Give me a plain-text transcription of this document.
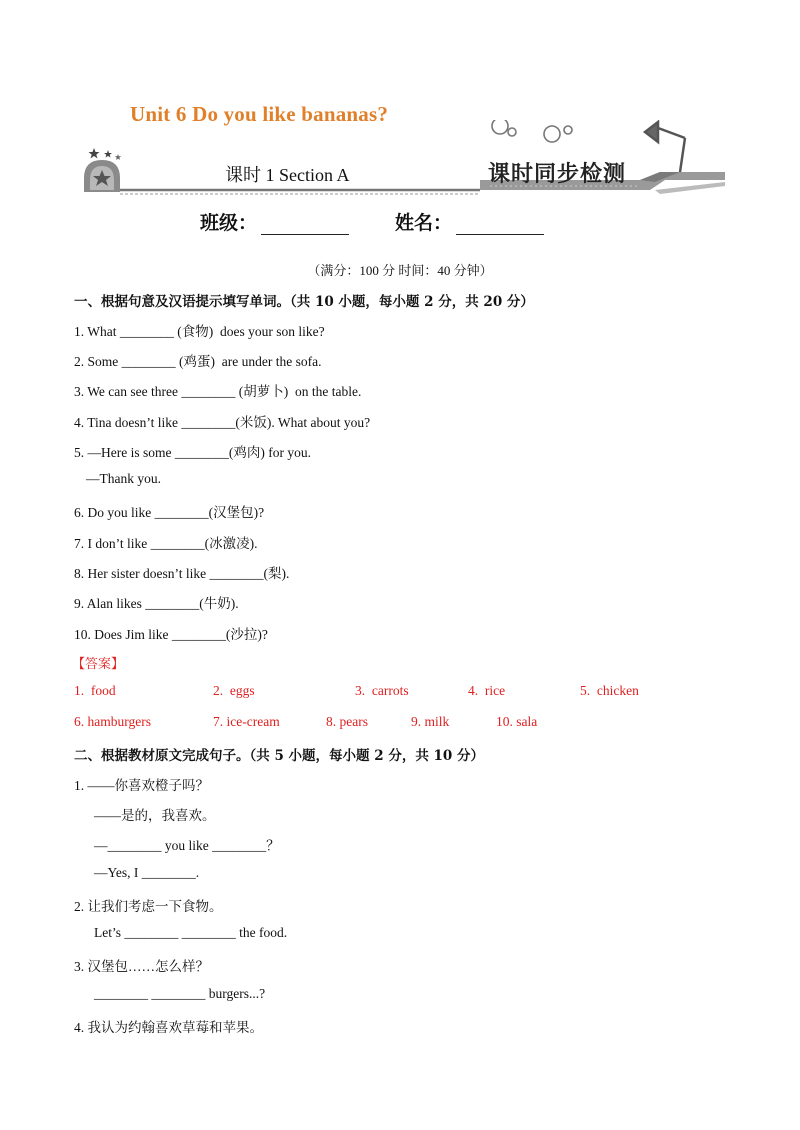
Unit 6 Do you like bananas?
课时 1 Section A	课时同步检测
班级：	姓名：
（满分：100 分 时间：40 分钟）
一、根据句意及汉语提示填写单词。（共 10 小题，每小题 2 分，共 20 分）
1. What ________ (食物)  does your son like?
2. Some ________ (鸡蛋)  are under the sofa.
3. We can see three ________ (胡萝卜)  on the table.
4. Tina doesn’t like ________(米饭). What about you?
5. —Here is some ________(鸡肉) for you.
—Thank you.
6. Do you like ________(汉堡包)?
7. I don’t like ________(冰激凌).
8. Her sister doesn’t like ________(梨).
9. Alan likes ________(牛奶).
10. Does Jim like ________(沙拉)?
【答案】
1.  food	2.  eggs	3.  carrots	4.  rice	5.  chicken
6. hamburgers	7. ice-cream	8. pears	9. milk	10. sala
二、根据教材原文完成句子。（共 5 小题，每小题 2 分，共 10 分）
1. ——你喜欢橙子吗？
——是的，我喜欢。
—________ you like ________？
—Yes, I ________.
2. 让我们考虑一下食物。
Let’s ________ ________ the food.
3. 汉堡包……怎么样？
________ ________ burgers...?
4. 我认为约翰喜欢草莓和苹果。
